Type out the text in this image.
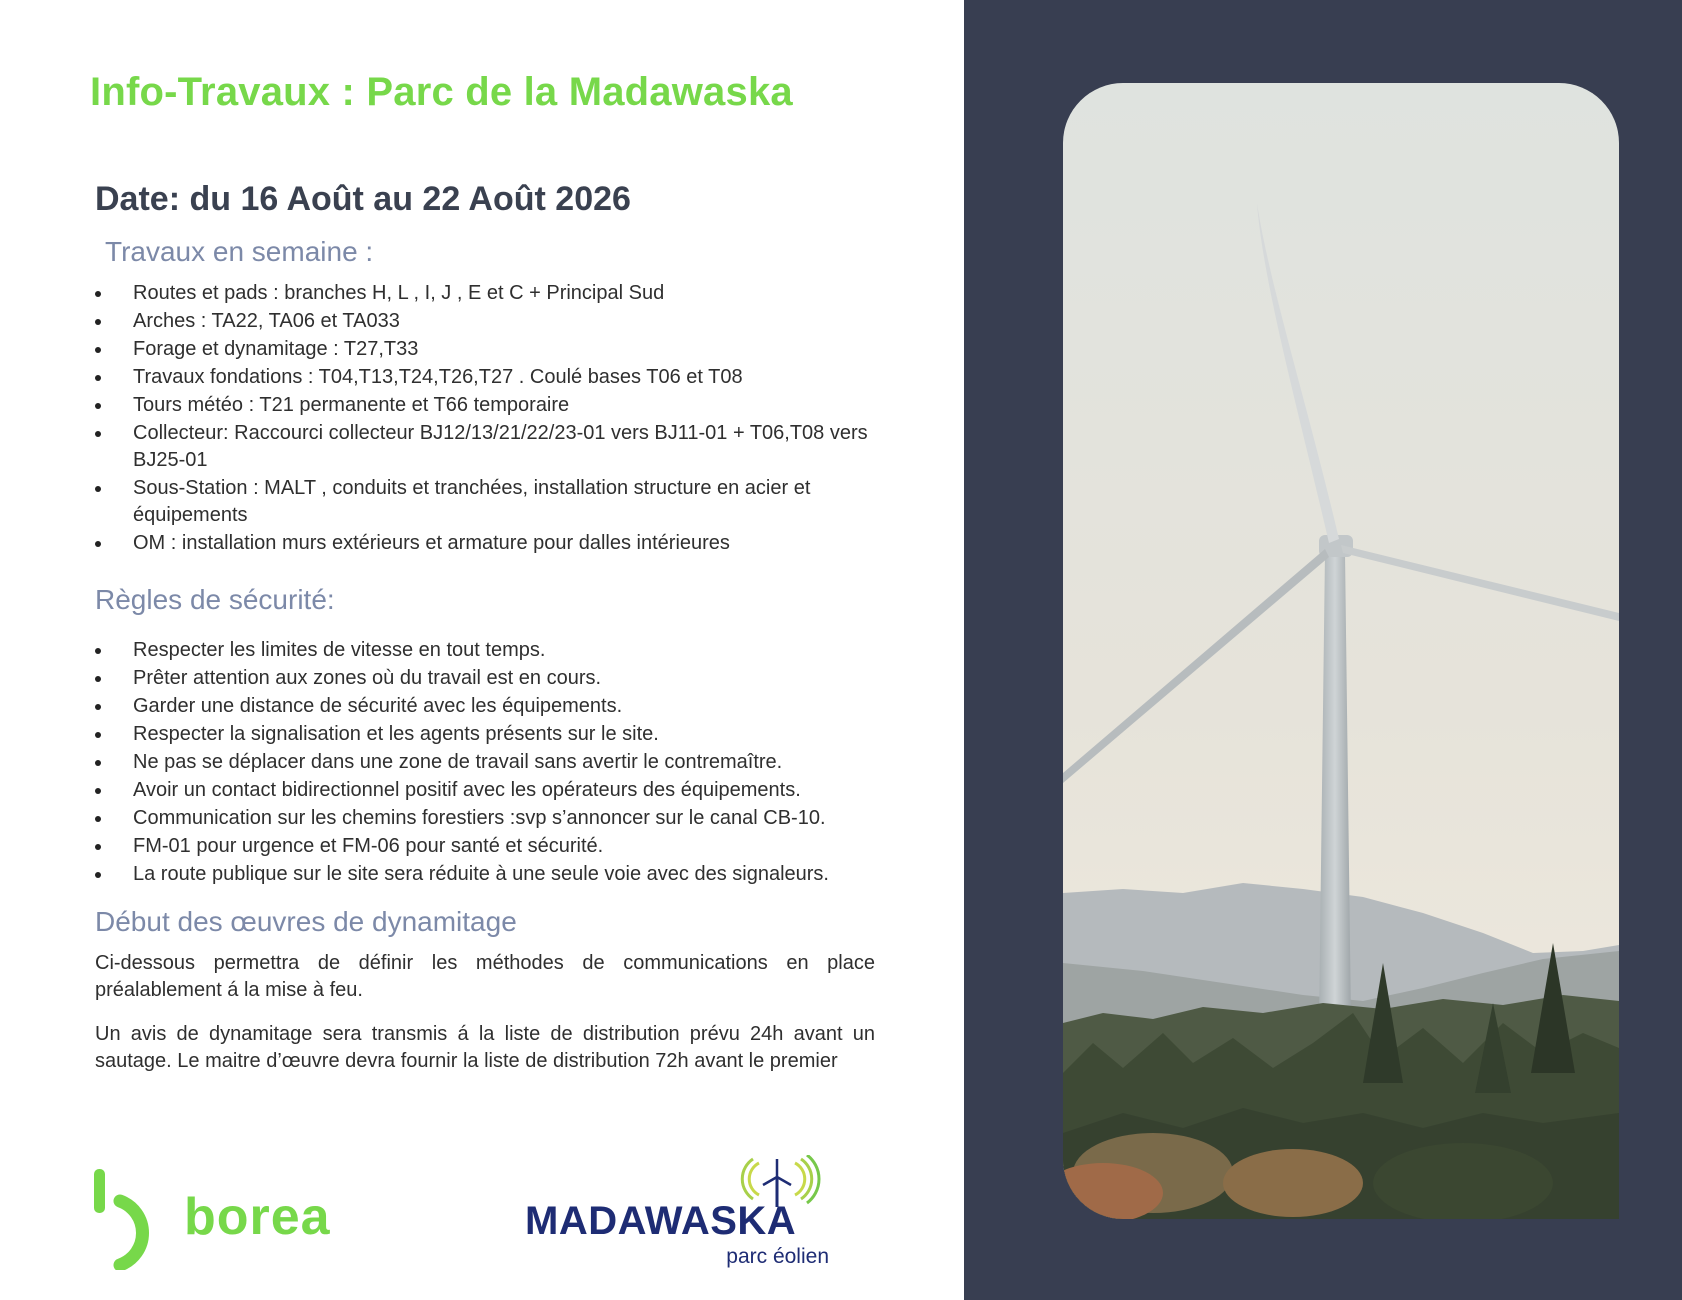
Info-Travaux : Parc de la Madawaska
Date: du 16 Août au 22 Août 2026
Travaux en semaine :
Routes et pads : branches H, L , I, J , E et C + Principal Sud
Arches : TA22, TA06 et TA033
Forage et dynamitage : T27,T33
Travaux fondations : T04,T13,T24,T26,T27 . Coulé bases T06 et T08
Tours météo : T21 permanente et T66 temporaire
Collecteur: Raccourci collecteur BJ12/13/21/22/23-01 vers BJ11-01 + T06,T08 vers BJ25-01
Sous-Station : MALT , conduits et tranchées, installation structure en acier et équipements
OM : installation murs extérieurs et armature pour dalles intérieures
Règles de sécurité:
Respecter les limites de vitesse en tout temps.
Prêter attention aux zones où du travail est en cours.
Garder une distance de sécurité avec les équipements.
Respecter la signalisation et les agents présents sur le site.
Ne pas se déplacer dans une zone de travail sans avertir le contremaître.
Avoir un contact bidirectionnel positif avec les opérateurs des équipements.
Communication sur les chemins forestiers :svp s’annoncer sur le canal CB-10.
FM-01 pour urgence et FM-06 pour santé et sécurité.
La route publique sur le site sera réduite à une seule voie avec des signaleurs.
Début des œuvres de dynamitage

Ci-dessous permettra de définir les méthodes de communications en place préalablement á la mise à feu.

Un avis de dynamitage sera transmis á la liste de distribution prévu 24h avant un sautage. Le maitre d’œuvre devra fournir la liste de distribution 72h avant le premier

borea	MADAWASKA
parc éolien
